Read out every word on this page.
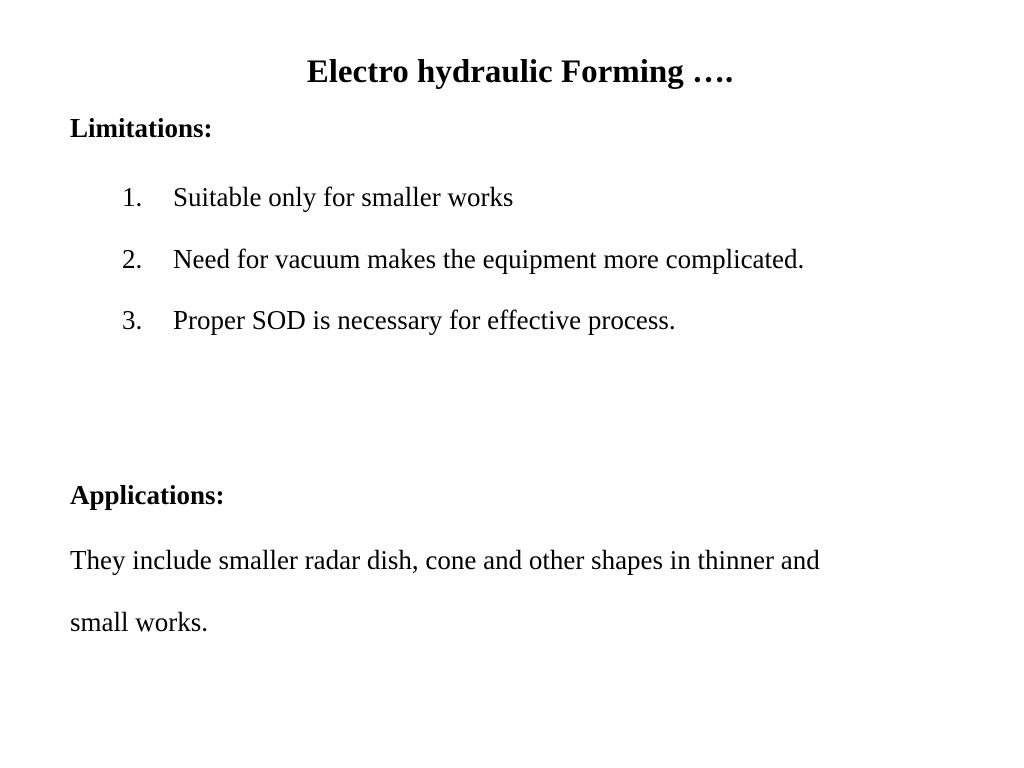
Electro hydraulic Forming ….
Limitations:
1. Suitable only for smaller works
2. Need for vacuum makes the equipment more complicated.
3. Proper SOD is necessary for effective process.
Applications:

They include smaller radar dish, cone and other shapes in thinner and small works.
